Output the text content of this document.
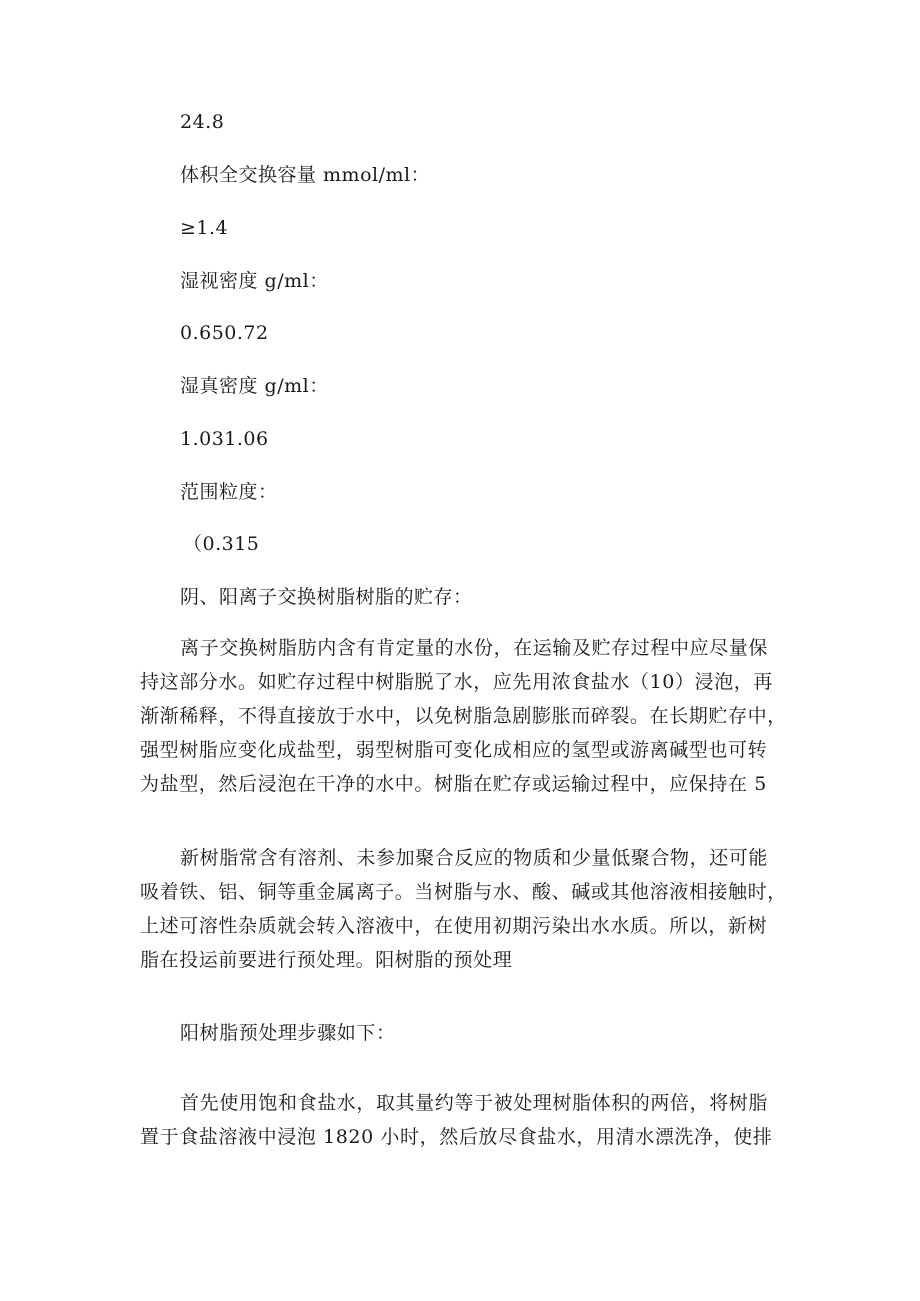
24.8
体积全交换容量 mmol/ml：
≥1.4
湿视密度 g/ml：
0.650.72
湿真密度 g/ml：
1.031.06
范围粒度：
（0.315
阴、阳离子交换树脂树脂的贮存：
离子交换树脂肪内含有肯定量的水份，在运输及贮存过程中应尽量保
持这部分水。如贮存过程中树脂脱了水，应先用浓食盐水（10）浸泡，再
渐渐稀释，不得直接放于水中，以免树脂急剧膨胀而碎裂。在长期贮存中，
强型树脂应变化成盐型，弱型树脂可变化成相应的氢型或游离碱型也可转
为盐型，然后浸泡在干净的水中。树脂在贮存或运输过程中，应保持在 5
新树脂常含有溶剂、未参加聚合反应的物质和少量低聚合物，还可能
吸着铁、铝、铜等重金属离子。当树脂与水、酸、碱或其他溶液相接触时，
上述可溶性杂质就会转入溶液中，在使用初期污染出水水质。所以，新树
脂在投运前要进行预处理。阳树脂的预处理
阳树脂预处理步骤如下：
首先使用饱和食盐水，取其量约等于被处理树脂体积的两倍，将树脂
置于食盐溶液中浸泡 1820 小时，然后放尽食盐水，用清水漂洗净，使排
